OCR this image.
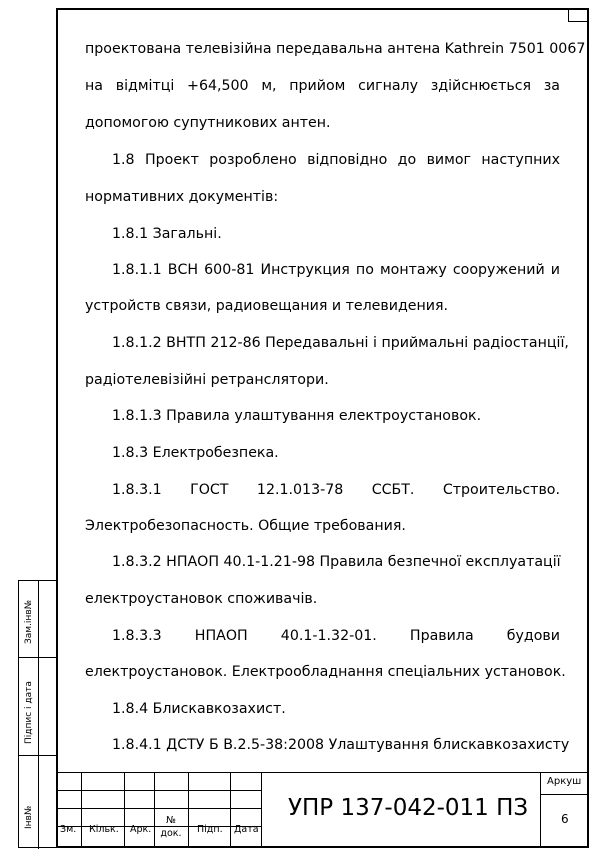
проектована телевізійна передавальна антена Kathrein 7501 0067
на відмітці +64,500 м, прийом сигналу здійснюється за
допомогою супутникових антен.
1.8 Проект розроблено відповідно до вимог наступних
нормативних документів:
1.8.1 Загальні.
1.8.1.1 ВСН 600-81 Инструкция по монтажу сооружений и
устройств связи, радиовещания и телевидения.
1.8.1.2 ВНТП 212-86 Передавальні і приймальні радіостанції,
радіотелевізійні ретранслятори.
1.8.1.3 Правила улаштування електроустановок.
1.8.3 Електробезпека.
1.8.3.1 ГОСТ 12.1.013-78 ССБТ. Строительство.
Электробезопасность. Общие требования.
1.8.3.2 НПАОП 40.1-1.21-98 Правила безпечної експлуатації
електроустановок споживачів.
1.8.3.3 НПАОП 40.1-1.32-01. Правила будови
електроустановок. Електрообладнання спеціальних установок.
1.8.4 Блискавкозахист.
1.8.4.1 ДСТУ Б В.2.5-38:2008 Улаштування блискавкозахисту
Зам.інв№
Підпис і дата
Інв№
Зм. Кільк. Арк.
№ док. Підп. Дата
УПР 137-042-011 ПЗ
Аркуш
6
